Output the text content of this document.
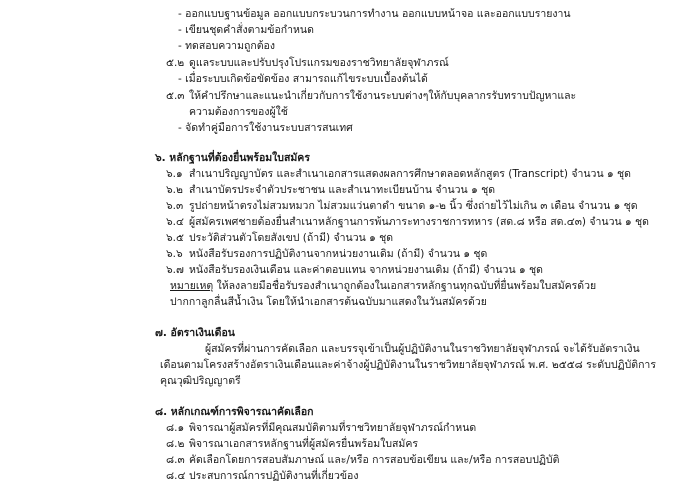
- ออกแบบฐานข้อมูล ออกแบบกระบวนการทำงาน ออกแบบหน้าจอ และออกแบบรายงาน
- เขียนชุดคำสั่งตามข้อกำหนด
- ทดสอบความถูกต้อง
๕.๒ ดูแลระบบและปรับปรุงโปรแกรมของราชวิทยาลัยจุฬาภรณ์
- เมื่อระบบเกิดข้อขัดข้อง สามารถแก้ไขระบบเบื้องต้นได้
๕.๓ ให้คำปรึกษาและแนะนำเกี่ยวกับการใช้งานระบบต่างๆให้กับบุคลากรรับทราบปัญหาและ
ความต้องการของผู้ใช้
- จัดทำคู่มือการใช้งานระบบสารสนเทศ
๖. หลักฐานที่ต้องยื่นพร้อมใบสมัคร
๖.๑ สำเนาปริญญาบัตร และสำเนาเอกสารแสดงผลการศึกษาตลอดหลักสูตร (Transcript) จำนวน ๑ ชุด
๖.๒ สำเนาบัตรประจำตัวประชาชน และสำเนาทะเบียนบ้าน จำนวน ๑ ชุด
๖.๓ รูปถ่ายหน้าตรงไม่สวมหมวก ไม่สวมแว่นตาดำ ขนาด ๑-๒ นิ้ว ซึ่งถ่ายไว้ไม่เกิน ๓ เดือน จำนวน ๑ ชุด
๖.๔ ผู้สมัครเพศชายต้องยื่นสำเนาหลักฐานการพ้นภาระทางราชการทหาร (สด.๘ หรือ สด.๔๓) จำนวน ๑ ชุด
๖.๕ ประวัติส่วนตัวโดยสังเขป (ถ้ามี) จำนวน ๑ ชุด
๖.๖ หนังสือรับรองการปฏิบัติงานจากหน่วยงานเดิม (ถ้ามี) จำนวน ๑ ชุด
๖.๗ หนังสือรับรองเงินเดือน และค่าตอบแทน จากหน่วยงานเดิม (ถ้ามี) จำนวน ๑ ชุด
หมายเหตุ ให้ลงลายมือชื่อรับรองสำเนาถูกต้องในเอกสารหลักฐานทุกฉบับที่ยื่นพร้อมใบสมัครด้วย
ปากกาลูกลื่นสีน้ำเงิน โดยให้นำเอกสารต้นฉบับมาแสดงในวันสมัครด้วย
๗. อัตราเงินเดือน
ผู้สมัครที่ผ่านการคัดเลือก และบรรจุเข้าเป็นผู้ปฏิบัติงานในราชวิทยาลัยจุฬาภรณ์ จะได้รับอัตราเงิน
เดือนตามโครงสร้างอัตราเงินเดือนและค่าจ้างผู้ปฏิบัติงานในราชวิทยาลัยจุฬาภรณ์ พ.ศ. ๒๕๕๘ ระดับปฏิบัติการ
คุณวุฒิปริญญาตรี
๘. หลักเกณฑ์การพิจารณาคัดเลือก
๘.๑ พิจารณาผู้สมัครที่มีคุณสมบัติตามที่ราชวิทยาลัยจุฬาภรณ์กำหนด
๘.๒ พิจารณาเอกสารหลักฐานที่ผู้สมัครยื่นพร้อมใบสมัคร
๘.๓ คัดเลือกโดยการสอบสัมภาษณ์ และ/หรือ การสอบข้อเขียน และ/หรือ การสอบปฏิบัติ
๘.๔ ประสบการณ์การปฏิบัติงานที่เกี่ยวข้อง
